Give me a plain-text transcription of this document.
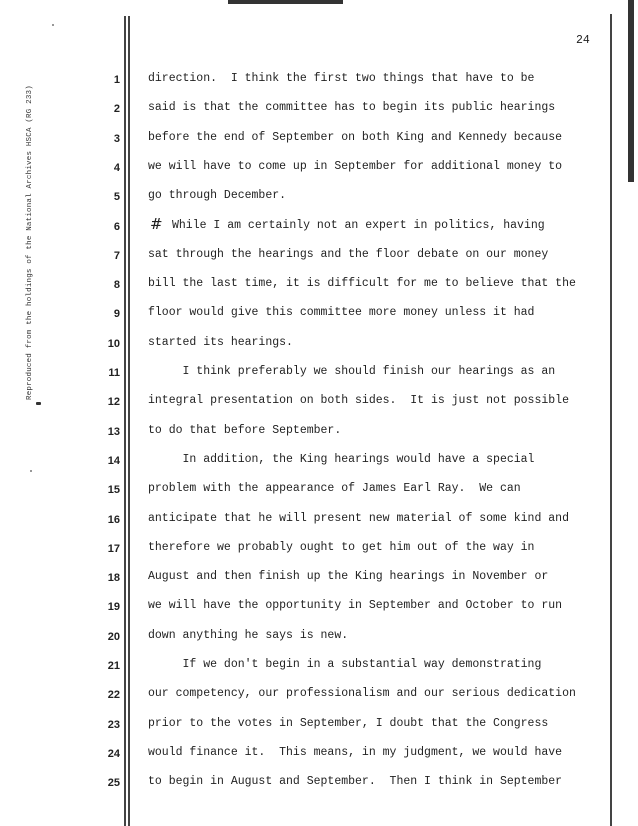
Reproduced from the holdings of the National Archives HSCA (RG 233)
24
1 direction.  I think the first two things that have to be
2 said is that the committee has to begin its public hearings
3 before the end of September on both King and Kennedy because
4 we will have to come up in September for additional money to
5 go through December.
6 # While I am certainly not an expert in politics, having
7 sat through the hearings and the floor debate on our money
8 bill the last time, it is difficult for me to believe that the
9 floor would give this committee more money unless it had
10 started its hearings.
11 I think preferably we should finish our hearings as an
12 integral presentation on both sides.  It is just not possible
13 to do that before September.
14 In addition, the King hearings would have a special
15 problem with the appearance of James Earl Ray.  We can
16 anticipate that he will present new material of some kind and
17 therefore we probably ought to get him out of the way in
18 August and then finish up the King hearings in November or
19 we will have the opportunity in September and October to run
20 down anything he says is new.
21 If we don't begin in a substantial way demonstrating
22 our competency, our professionalism and our serious dedication
23 prior to the votes in September, I doubt that the Congress
24 would finance it.  This means, in my judgment, we would have
25 to begin in August and September.  Then I think in September
